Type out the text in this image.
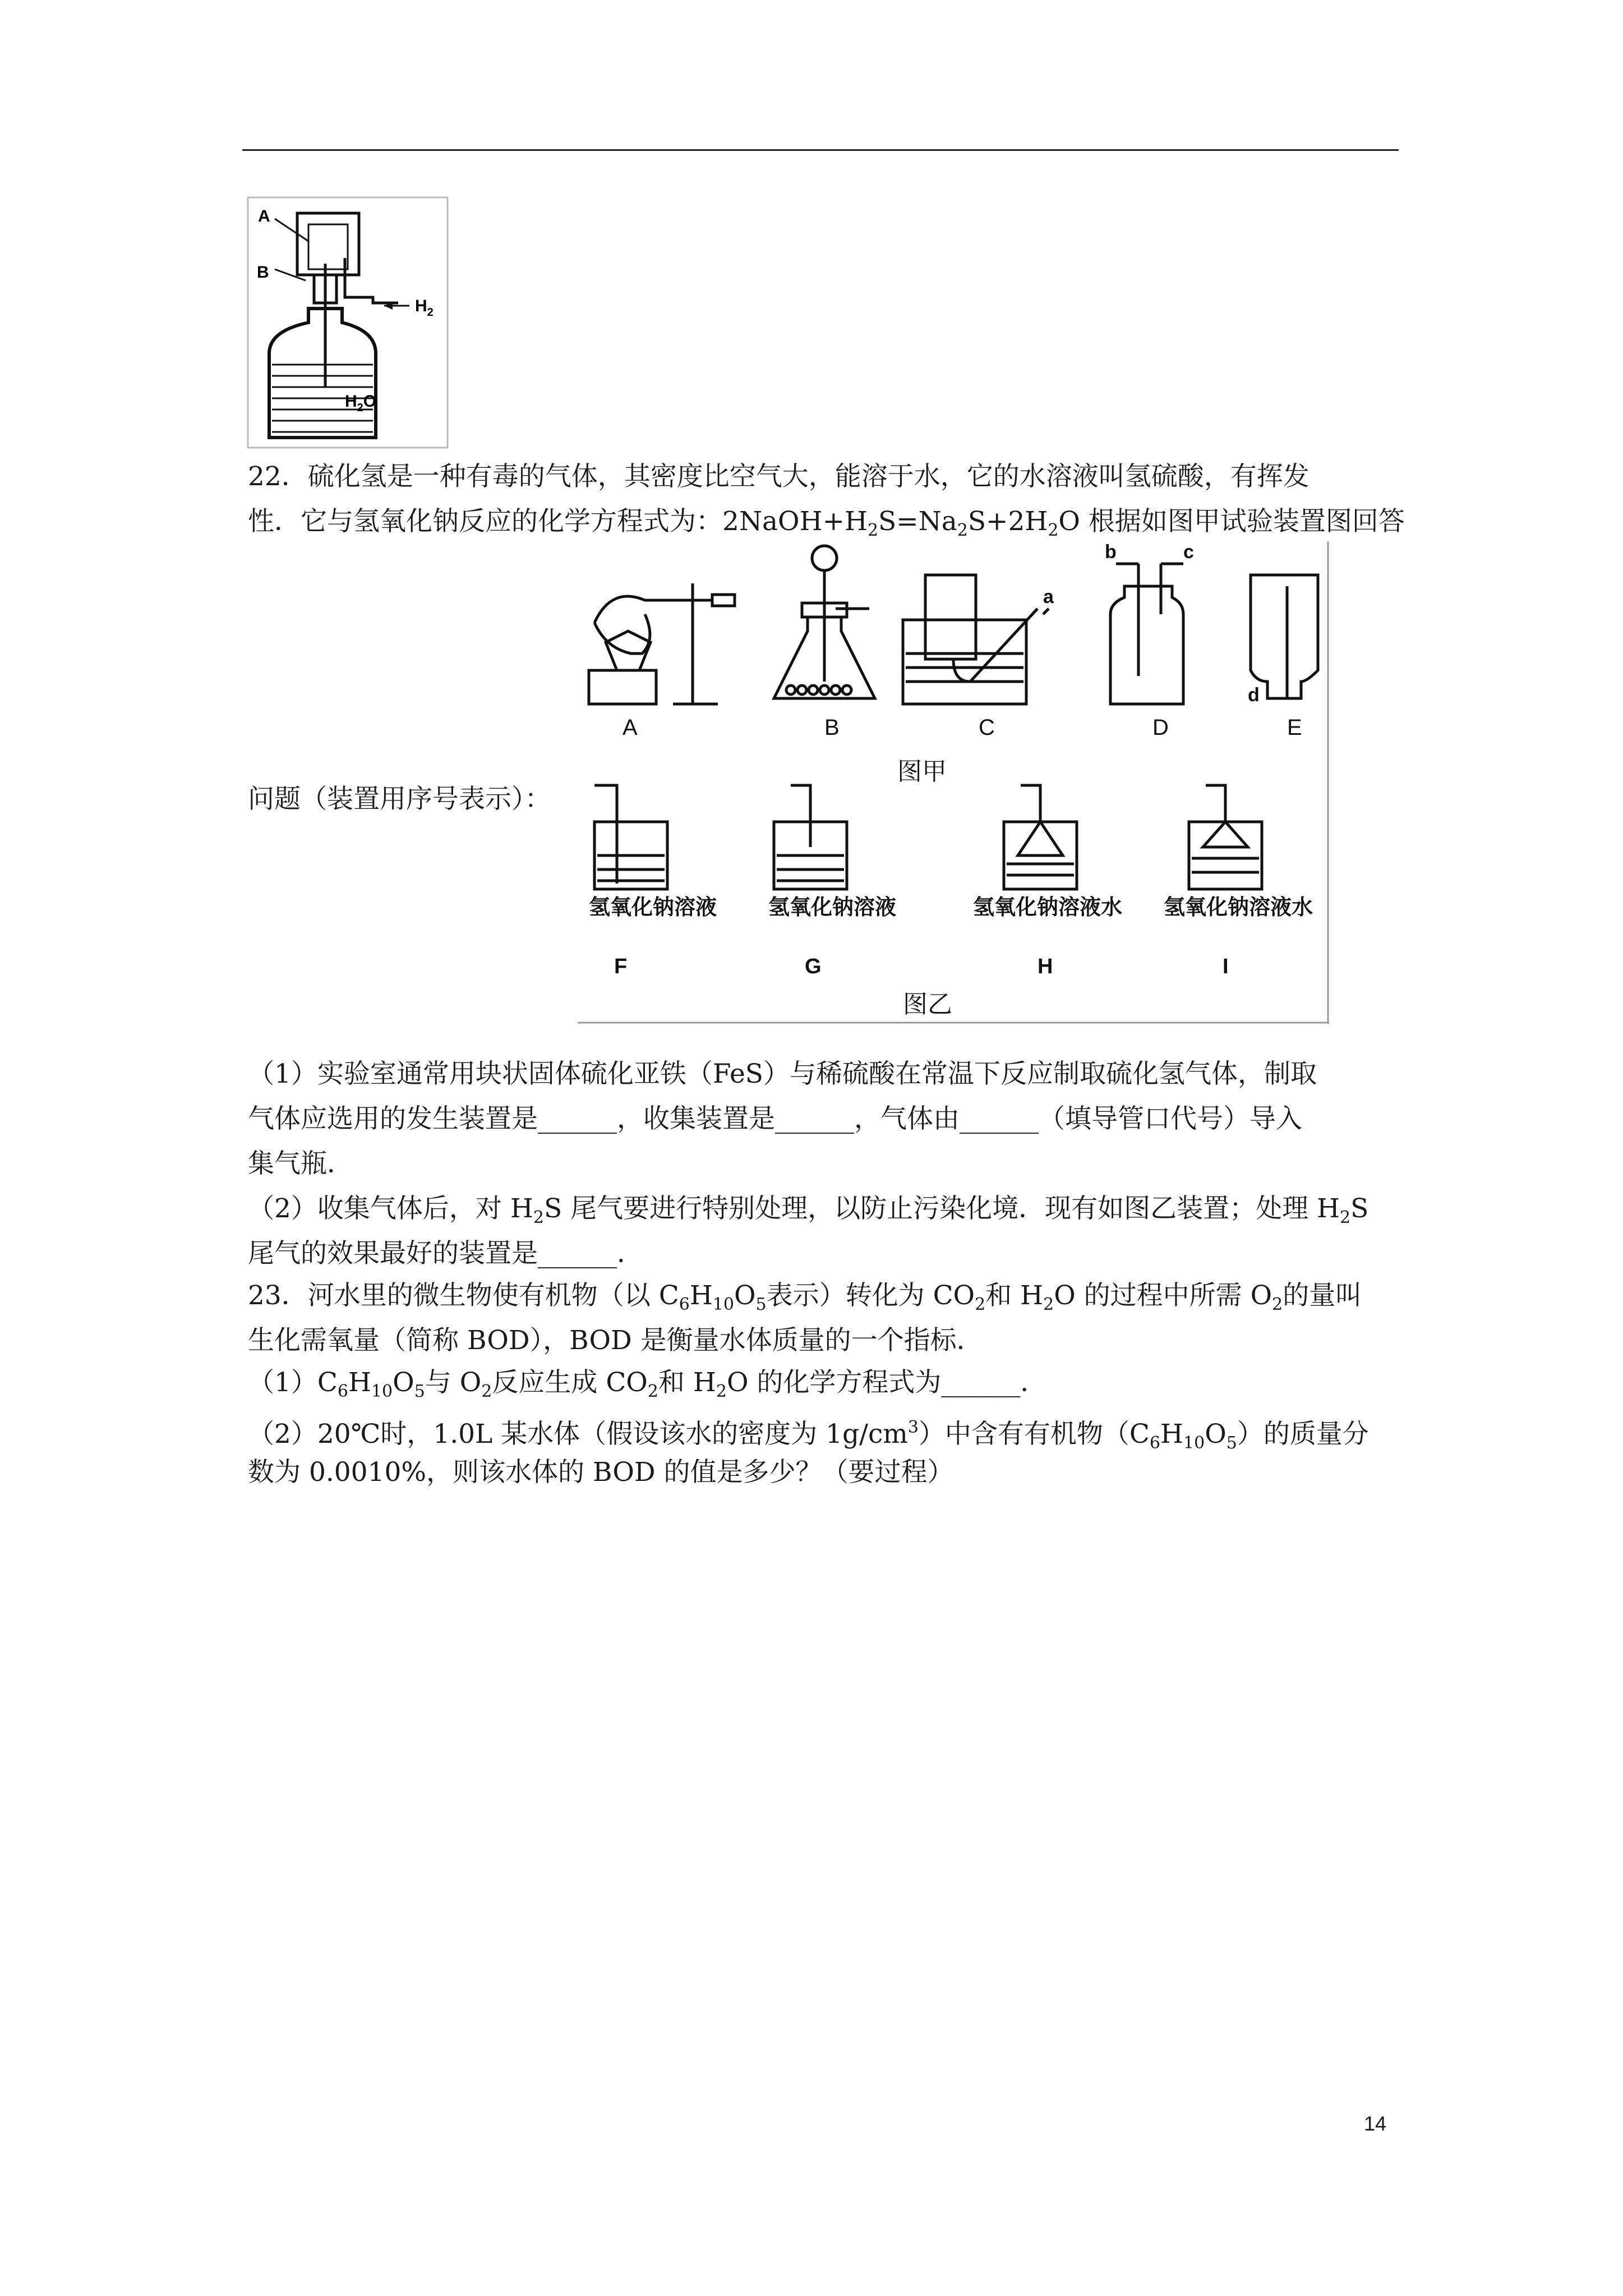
A
B
$H_2$
$H_2O$
22．硫化氢是一种有毒的气体，其密度比空气大，能溶于水，它的水溶液叫氢硫酸，有挥发
性．它与氢氧化钠反应的化学方程式为：$2NaOH+H_2S=Na_2S+2H_2O$ 根据如图甲试验装置图回答
问题（装置用序号表示）：
A	B	C	D	E
a
b	c
d
图甲
氢氧化钠溶液 氢氧化钠溶液	氢氧化钠溶液水 氢氧化钠溶液水
F	G	H	I
图乙
（1）实验室通常用块状固体硫化亚铁（FeS）与稀硫酸在常温下反应制取硫化氢气体，制取
气体应选用的发生装置是______，收集装置是______，气体由______（填导管口代号）导入
集气瓶．
（2）收集气体后，对 $H_2S$ 尾气要进行特别处理，以防止污染化境．现有如图乙装置；处理 $H_2S$
尾气的效果最好的装置是______．
23．河水里的微生物使有机物（以 $C_6H_{10}O_5$表示）转化为 $CO_2$和 $H_2O$ 的过程中所需 $O_2$的量叫
生化需氧量（简称 BOD），BOD 是衡量水体质量的一个指标．
$(1)C_6H_{10}O_5$与 $O_2$反应生成 $CO_2$和 $H_2O$ 的化学方程式为______．
（2）20℃时，1.0L 某水体（假设该水的密度为 $1g/cm^3$）中含有有机物$(C_6H_{10}O_5)$的质量分
数为 0.0010%，则该水体的 BOD 的值是多少？（要过程）
14
